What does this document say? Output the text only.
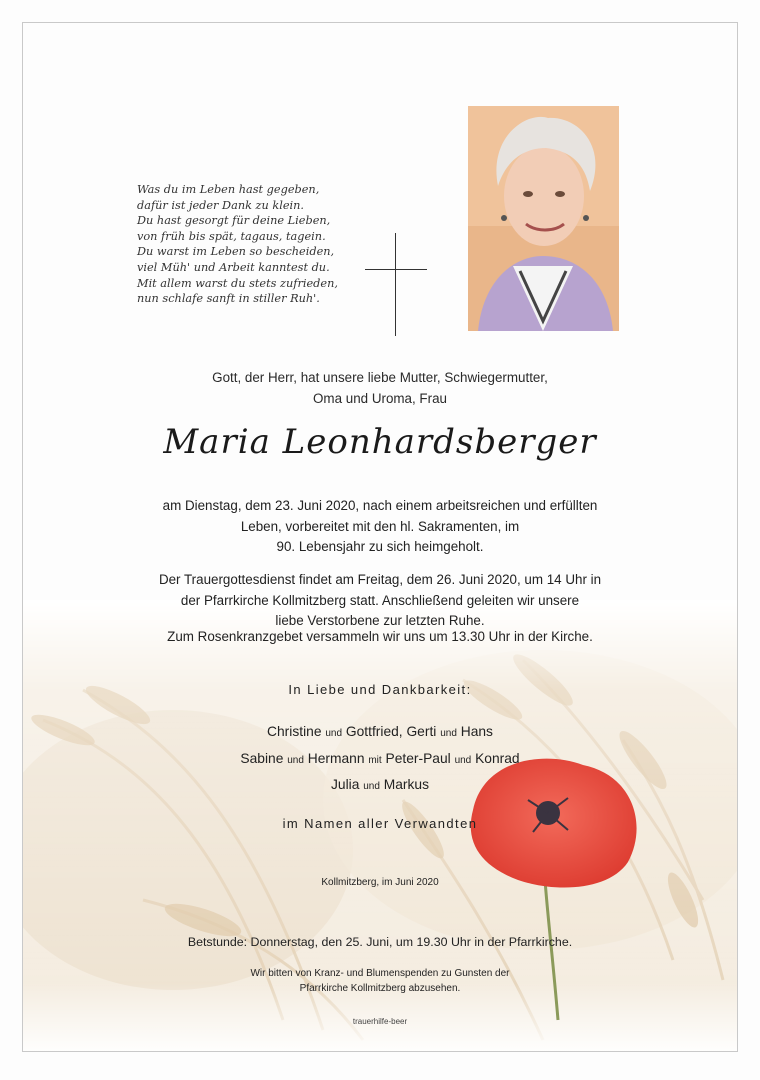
Was du im Leben hast gegeben,
dafür ist jeder Dank zu klein.
Du hast gesorgt für deine Lieben,
von früh bis spät, tagaus, tagein.
Du warst im Leben so bescheiden,
viel Müh' und Arbeit kanntest du.
Mit allem warst du stets zufrieden,
nun schlafe sanft in stiller Ruh'.
Gott, der Herr, hat unsere liebe Mutter, Schwiegermutter,
Oma und Uroma, Frau
Maria Leonhardsberger
am Dienstag, dem 23. Juni 2020, nach einem arbeitsreichen und erfüllten
Leben, vorbereitet mit den hl. Sakramenten, im
90. Lebensjahr zu sich heimgeholt.
Der Trauergottesdienst findet am Freitag, dem 26. Juni 2020, um 14 Uhr in
der Pfarrkirche Kollmitzberg statt. Anschließend geleiten wir unsere
liebe Verstorbene zur letzten Ruhe.
Zum Rosenkranzgebet versammeln wir uns um 13.30 Uhr in der Kirche.
In Liebe und Dankbarkeit:
Christine und Gottfried, Gerti und Hans
Sabine und Hermann mit Peter-Paul und Konrad
Julia und Markus
im Namen aller Verwandten
Kollmitzberg, im Juni 2020
Betstunde: Donnerstag, den 25. Juni, um 19.30 Uhr in der Pfarrkirche.
Wir bitten von Kranz- und Blumenspenden zu Gunsten der
Pfarrkirche Kollmitzberg abzusehen.
trauerhilfe-beer
